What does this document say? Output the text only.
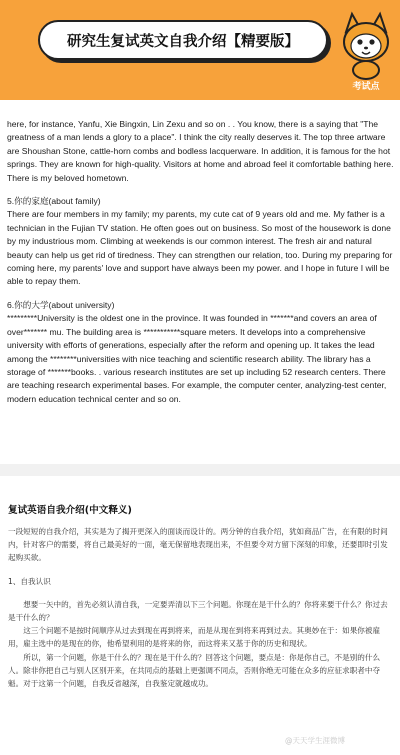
研究生复试英文自我介绍【精要版】
考试点

here, for instance, Yanfu, Xie Bingxin, Lin Zexu and so on . . You know, there is a saying that "The greatness of a man lends a glory to a place". I think the city really deserves it. The top three artware are Shoushan Stone, cattle-horn combs and bodless lacquerware. In addition, it is famous for the hot springs. They are known for high-quality. Visitors at home and abroad feel it comfortable bathing here. There is my beloved hometown.

5.你的家庭(about family)

There are four members in my family; my parents, my cute cat of 9 years old and me. My father is a technician in the Fujian TV station. He often goes out on business. So most of the housework is done by my industrious mom. Climbing at weekends is our common interest. The fresh air and natural beauty can help us get rid of tiredness. They can strengthen our relation, too. During my preparing for coming here, my parents' love and support have always been my power. and I hope in future I will be able to repay them.

6.你的大学(about university)

*********University is the oldest one in the province. It was founded in *******and covers an area of over******* mu. The building area is ***********square meters. It develops into a comprehensive university with efforts of generations, especially after the reform and opening up. It takes the lead among the ********universities with nice teaching and scientific research ability. The library has a storage of *******books. . various research institutes are set up including 52 research centers. There are teaching research experimental bases. For example, the computer center, analyzing-test center, modern education technical center and so on.

复试英语自我介绍(中文释义)

一段短短的自我介绍，其实是为了揭开更深入的面谈而设计的。两分钟的自我介绍，犹如商品广告，在有限的时间内，针对客户的需要，将自己最美好的一面，毫无保留地表现出来，不但要令对方留下深刻的印象，还要即时引发起购买欲。

1、自我认识

想要一矢中的，首先必须认清自我，一定要弄清以下三个问题。你现在是干什么的？你将来要干什么？你过去是干什么的？

这三个问题不是按时间顺序从过去到现在再到将来，而是从现在到将来再到过去。其奥妙在于：如果你被雇用，雇主选中的是现在的你，他希望利用的是将来的你，而这将来又基于你的历史和现状。

所以，第一个问题，你是干什么的？现在是干什么的？回答这个问题，要点是：你是你自己，不是别的什么人。除非你把自己与别人区别开来，在共同点的基础上更强调不同点，否则你绝无可能在众多的应征求职者中夺魁。对于这第一个问题，自我反省越深，自我鉴定就越成功。

@天天学生涯微博
